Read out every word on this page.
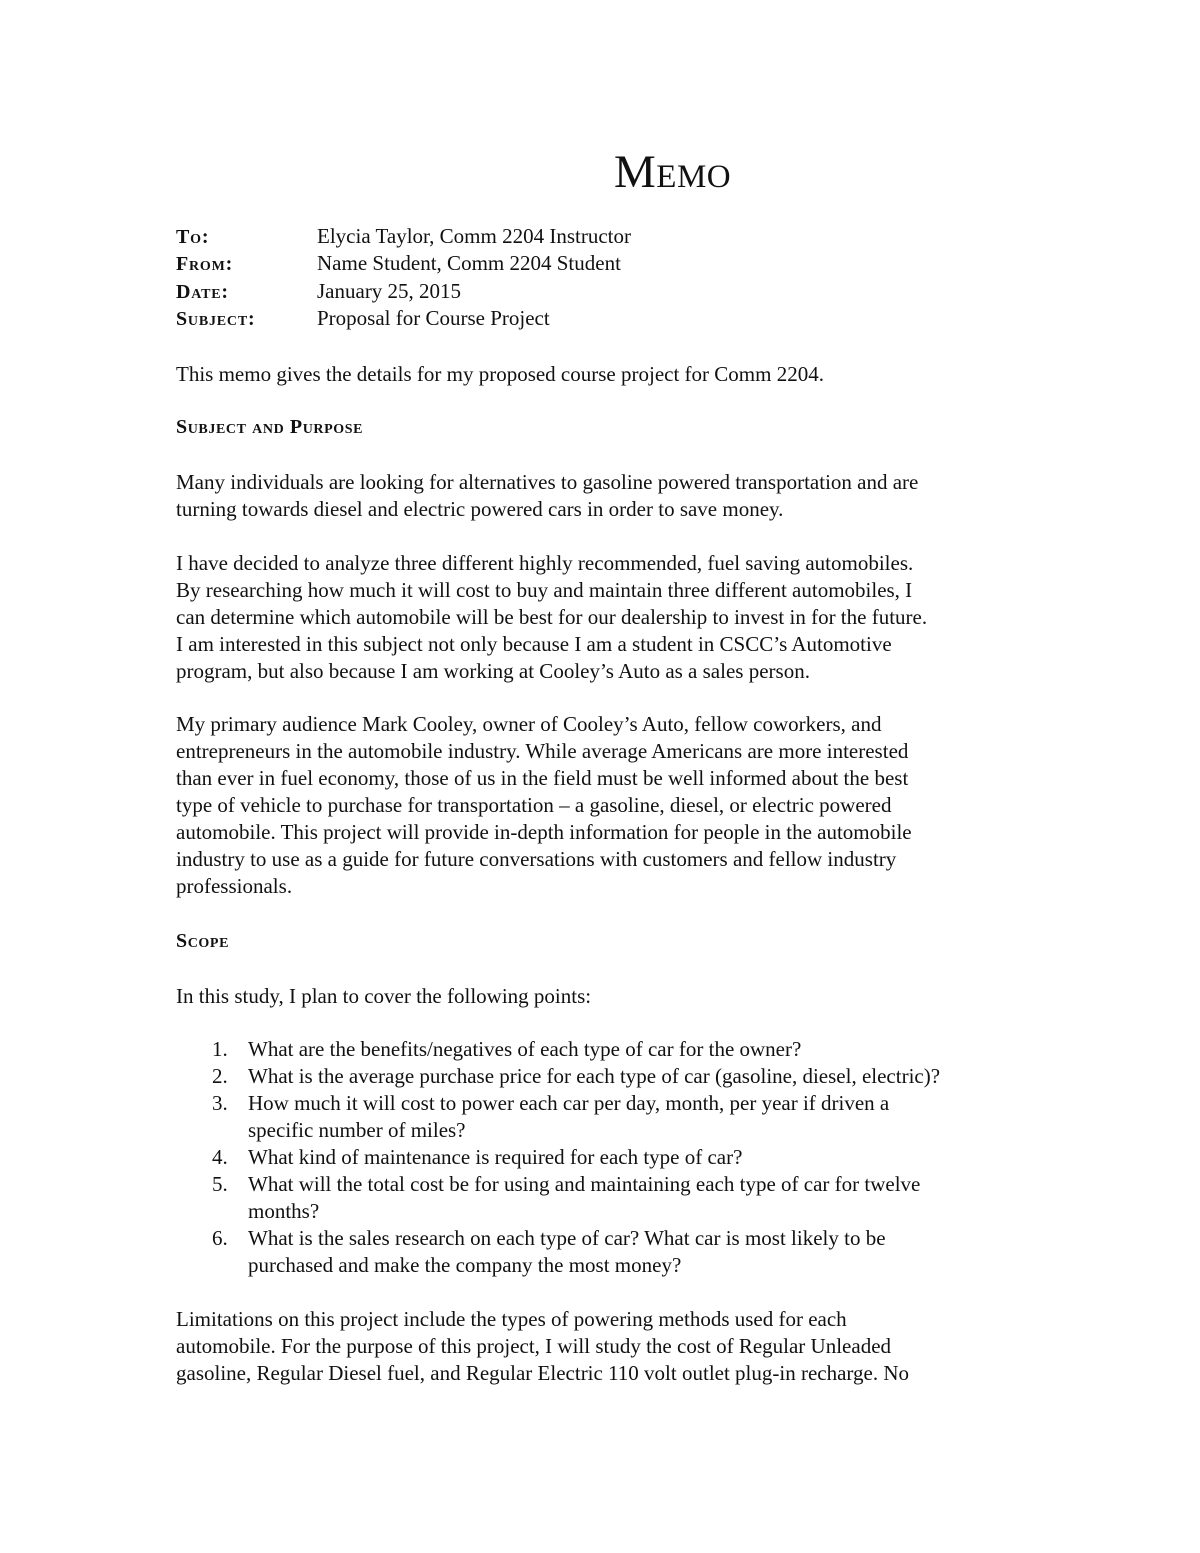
Memo
To:	Elycia Taylor, Comm 2204 Instructor
From:	Name Student, Comm 2204 Student
Date:	January 25, 2015
Subject:	Proposal for Course Project

This memo gives the details for my proposed course project for Comm 2204.

Subject and Purpose

Many individuals are looking for alternatives to gasoline powered transportation and are
turning towards diesel and electric powered cars in order to save money.

I have decided to analyze three different highly recommended, fuel saving automobiles.
By researching how much it will cost to buy and maintain three different automobiles, I
can determine which automobile will be best for our dealership to invest in for the future.
I am interested in this subject not only because I am a student in CSCC’s Automotive
program, but also because I am working at Cooley’s Auto as a sales person.

My primary audience Mark Cooley, owner of Cooley’s Auto, fellow coworkers, and
entrepreneurs in the automobile industry. While average Americans are more interested
than ever in fuel economy, those of us in the field must be well informed about the best
type of vehicle to purchase for transportation – a gasoline, diesel, or electric powered
automobile. This project will provide in-depth information for people in the automobile
industry to use as a guide for future conversations with customers and fellow industry
professionals.

Scope

In this study, I plan to cover the following points:

1. What are the benefits/negatives of each type of car for the owner?
2. What is the average purchase price for each type of car (gasoline, diesel, electric)?
3. How much it will cost to power each car per day, month, per year if driven a
specific number of miles?
4. What kind of maintenance is required for each type of car?
5. What will the total cost be for using and maintaining each type of car for twelve
months?
6. What is the sales research on each type of car? What car is most likely to be
purchased and make the company the most money?

Limitations on this project include the types of powering methods used for each
automobile. For the purpose of this project, I will study the cost of Regular Unleaded
gasoline, Regular Diesel fuel, and Regular Electric 110 volt outlet plug-in recharge. No
